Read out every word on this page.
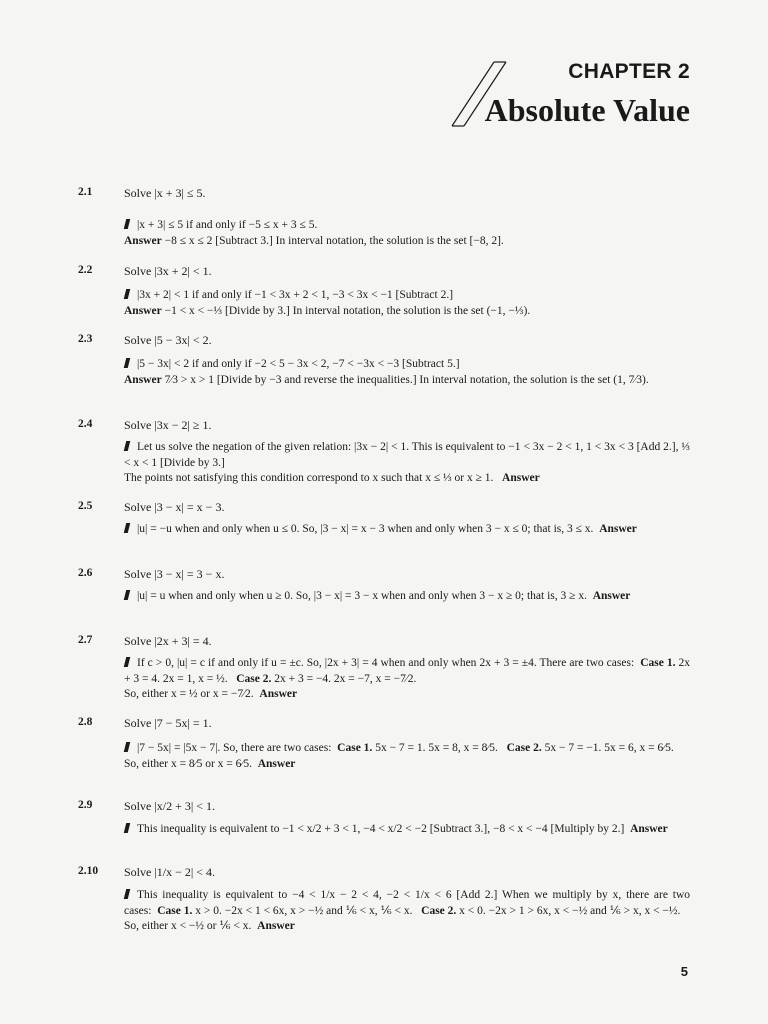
CHAPTER 2
Absolute Value
2.1	Solve |x + 3| ≤ 5.

|x + 3| ≤ 5 if and only if −5 ≤ x + 3 ≤ 5.

Answer −8 ≤ x ≤ 2 [Subtract 3.] In interval notation, the solution is the set [−8, 2].

2.2	Solve |3x + 2| < 1.

|3x + 2| < 1 if and only if −1 < 3x + 2 < 1, −3 < 3x < −1 [Subtract 2.]

Answer −1 < x < −⅓ [Divide by 3.] In interval notation, the solution is the set (−1, −⅓).

2.3	Solve |5 − 3x| < 2.

|5 − 3x| < 2 if and only if −2 < 5 − 3x < 2, −7 < −3x < −3 [Subtract 5.]

Answer 7⁄3 > x > 1 [Divide by −3 and reverse the inequalities.] In interval notation, the solution is the set (1, 7⁄3).

2.4	Solve |3x − 2| ≥ 1.

Let us solve the negation of the given relation: |3x − 2| < 1. This is equivalent to −1 < 3x − 2 < 1, 1 < 3x < 3 [Add 2.], ⅓ < x < 1 [Divide by 3.]

The points not satisfying this condition correspond to x such that x ≤ ⅓ or x ≥ 1. Answer

2.5	Solve |3 − x| = x − 3.

|u| = −u when and only when u ≤ 0. So, |3 − x| = x − 3 when and only when 3 − x ≤ 0; that is, 3 ≤ x. Answer

2.6	Solve |3 − x| = 3 − x.

|u| = u when and only when u ≥ 0. So, |3 − x| = 3 − x when and only when 3 − x ≥ 0; that is, 3 ≥ x. Answer

2.7	Solve |2x + 3| = 4.

If c > 0, |u| = c if and only if u = ±c. So, |2x + 3| = 4 when and only when 2x + 3 = ±4. There are two cases: Case 1. 2x + 3 = 4. 2x = 1, x = ½. Case 2. 2x + 3 = −4. 2x = −7, x = −7⁄2.

So, either x = ½ or x = −7⁄2. Answer

2.8	Solve |7 − 5x| = 1.

|7 − 5x| = |5x − 7|. So, there are two cases: Case 1. 5x − 7 = 1. 5x = 8, x = 8⁄5. Case 2. 5x − 7 = −1. 5x = 6, x = 6⁄5.

So, either x = 8⁄5 or x = 6⁄5. Answer

2.9	Solve |x/2 + 3| < 1.

This inequality is equivalent to −1 < x/2 + 3 < 1, −4 < x/2 < −2 [Subtract 3.], −8 < x < −4 [Multiply by 2.] Answer

2.10 Solve |1/x − 2| < 4.

This inequality is equivalent to −4 < 1/x − 2 < 4, −2 < 1/x < 6 [Add 2.] When we multiply by x, there are two cases: Case 1. x > 0. −2x < 1 < 6x, x > −½ and ⅙ < x, ⅙ < x. Case 2. x < 0. −2x > 1 > 6x, x < −½ and ⅙ > x, x < −½.

So, either x < −½ or ⅙ < x. Answer

5
